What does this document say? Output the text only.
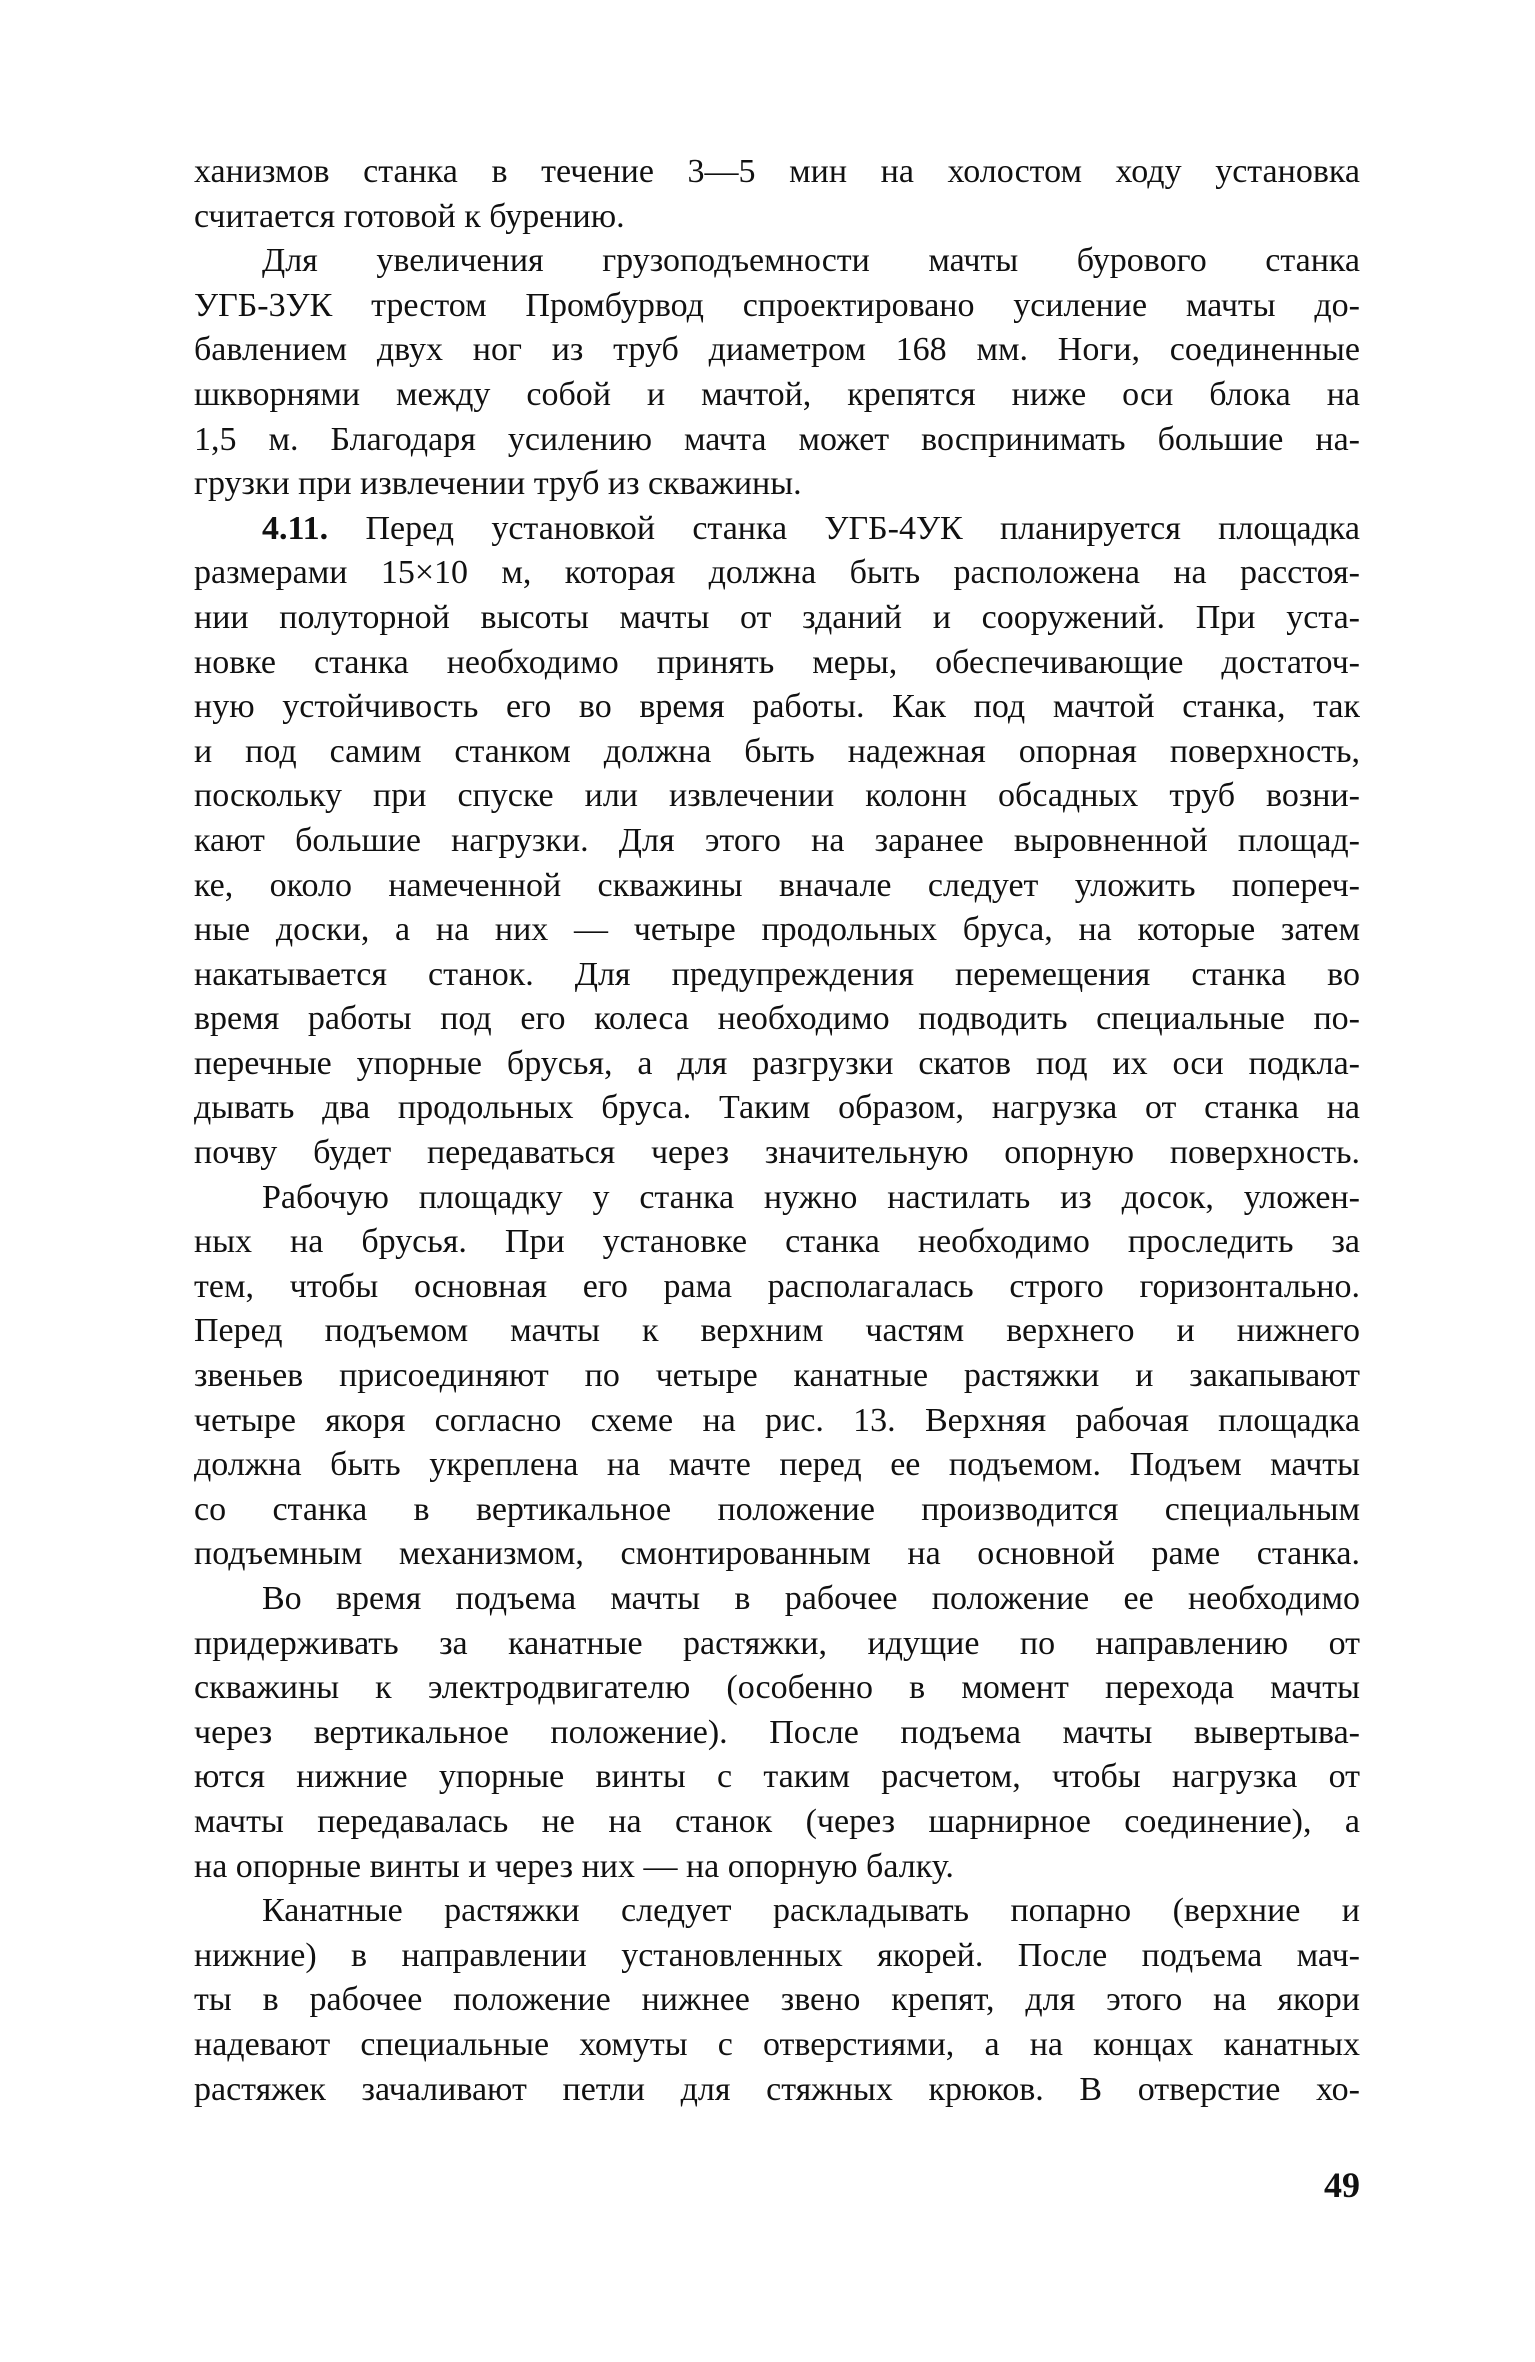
ханизмов станка в течение 3—5 мин на холостом ходу установка
считается готовой к бурению.
Для увеличения грузоподъемности мачты бурового станка
УГБ-3УК трестом Промбурвод спроектировано усиление мачты до-
бавлением двух ног из труб диаметром 168 мм. Ноги, соединенные
шкворнями между собой и мачтой, крепятся ниже оси блока на
1,5 м. Благодаря усилению мачта может воспринимать большие на-
грузки при извлечении труб из скважины.
4.11. Перед установкой станка УГБ-4УК планируется площадка
размерами 15×10 м, которая должна быть расположена на расстоя-
нии полуторной высоты мачты от зданий и сооружений. При уста-
новке станка необходимо принять меры, обеспечивающие достаточ-
ную устойчивость его во время работы. Как под мачтой станка, так
и под самим станком должна быть надежная опорная поверхность,
поскольку при спуске или извлечении колонн обсадных труб возни-
кают большие нагрузки. Для этого на заранее выровненной площад-
ке, около намеченной скважины вначале следует уложить попереч-
ные доски, а на них — четыре продольных бруса, на которые затем
накатывается станок. Для предупреждения перемещения станка во
время работы под его колеса необходимо подводить специальные по-
перечные упорные брусья, а для разгрузки скатов под их оси подкла-
дывать два продольных бруса. Таким образом, нагрузка от станка на
почву будет передаваться через значительную опорную поверхность.
Рабочую площадку у станка нужно настилать из досок, уложен-
ных на брусья. При установке станка необходимо проследить за
тем, чтобы основная его рама располагалась строго горизонтально.
Перед подъемом мачты к верхним частям верхнего и нижнего
звеньев присоединяют по четыре канатные растяжки и закапывают
четыре якоря согласно схеме на рис. 13. Верхняя рабочая площадка
должна быть укреплена на мачте перед ее подъемом. Подъем мачты
со станка в вертикальное положение производится специальным
подъемным механизмом, смонтированным на основной раме станка.
Во время подъема мачты в рабочее положение ее необходимо
придерживать за канатные растяжки, идущие по направлению от
скважины к электродвигателю (особенно в момент перехода мачты
через вертикальное положение). После подъема мачты вывертыва-
ются нижние упорные винты с таким расчетом, чтобы нагрузка от
мачты передавалась не на станок (через шарнирное соединение), а
на опорные винты и через них — на опорную балку.
Канатные растяжки следует раскладывать попарно (верхние и
нижние) в направлении установленных якорей. После подъема мач-
ты в рабочее положение нижнее звено крепят, для этого на якори
надевают специальные хомуты с отверстиями, а на концах канатных
растяжек зачаливают петли для стяжных крюков. В отверстие хо-
49
